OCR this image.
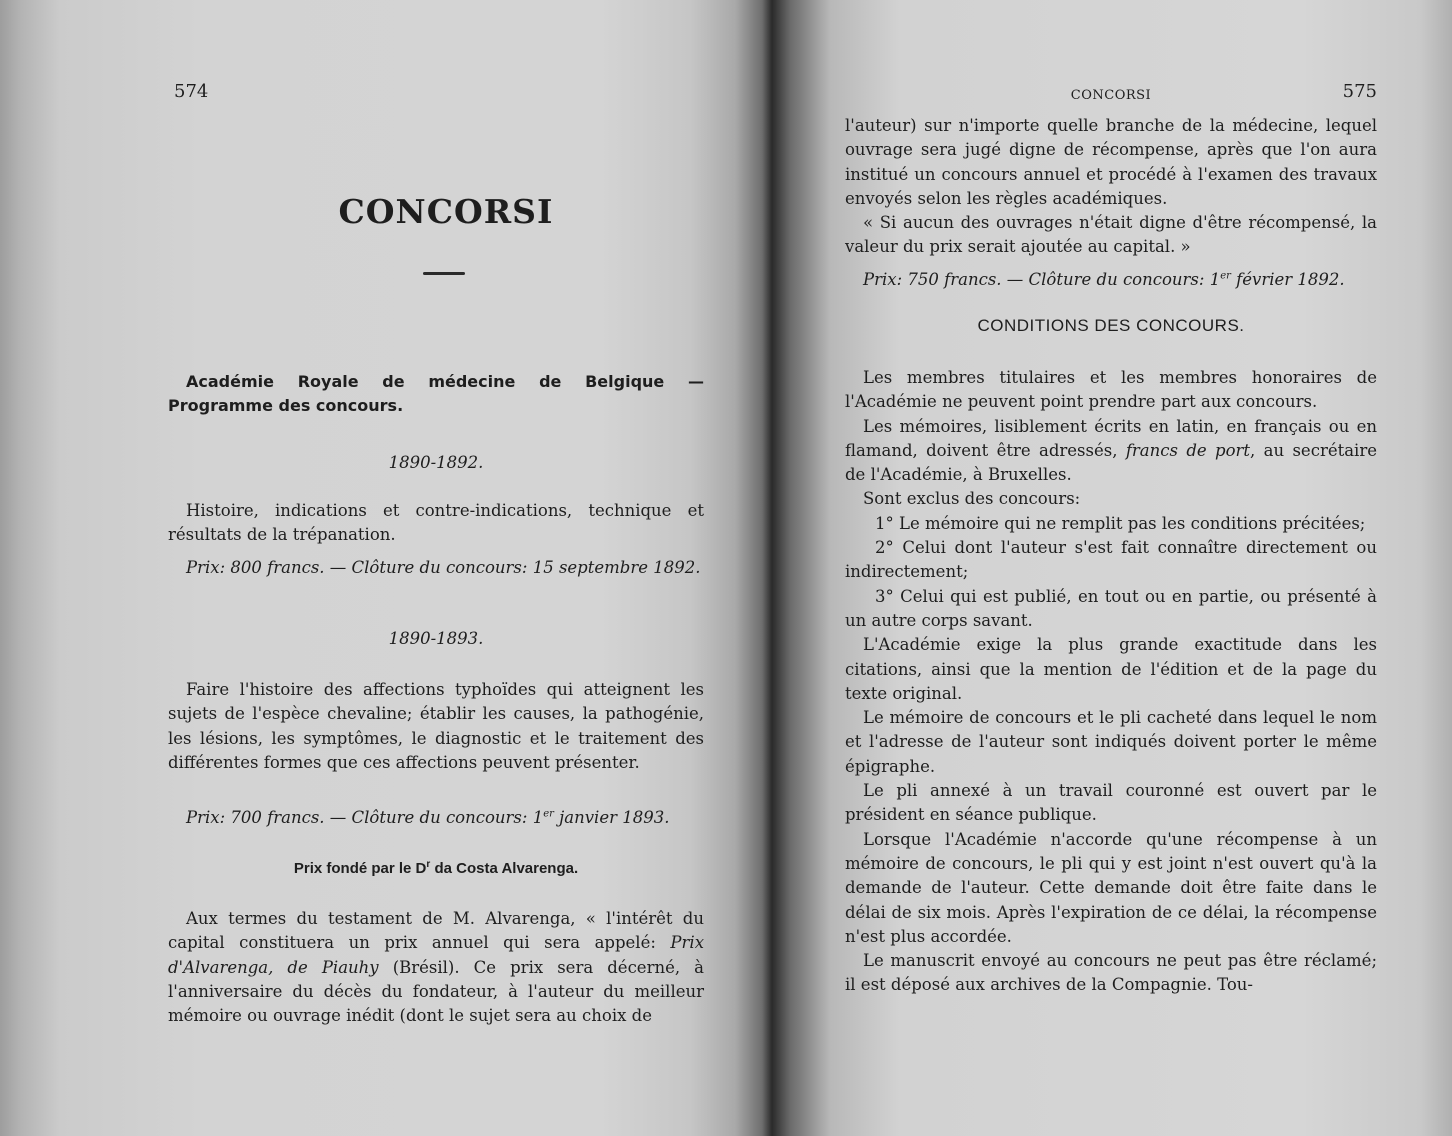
574
CONCORSI

Académie Royale de médecine de Belgique — Programme des concours.

1890-1892.

Histoire, indications et contre-indications, technique et résultats de la trépanation.

Prix: 800 francs. — Clôture du concours: 15 septembre 1892.

1890-1893.

Faire l'histoire des affections typhoïdes qui atteignent les sujets de l'espèce chevaline; établir les causes, la pathogénie, les lésions, les symptômes, le diagnostic et le traitement des différentes formes que ces affections peuvent présenter.

Prix: 700 francs. — Clôture du concours: 1er janvier 1893.

Prix fondé par le $D^r$ da Costa Alvarenga.

Aux termes du testament de M. Alvarenga, « l'intérêt du capital constituera un prix annuel qui sera appelé: Prix d'Alvarenga, de Piauhy (Brésil). Ce prix sera décerné, à l'anniversaire du décès du fondateur, à l'auteur du meilleur mémoire ou ouvrage inédit (dont le sujet sera au choix de

CONCORSI	575

l'auteur) sur n'importe quelle branche de la médecine, lequel ouvrage sera jugé digne de récompense, après que l'on aura institué un concours annuel et procédé à l'examen des travaux envoyés selon les règles académiques.

« Si aucun des ouvrages n'était digne d'être récompensé, la valeur du prix serait ajoutée au capital. »

Prix: 750 francs. — Clôture du concours: 1er février 1892.

CONDITIONS DES CONCOURS.

Les membres titulaires et les membres honoraires de l'Académie ne peuvent point prendre part aux concours.

Les mémoires, lisiblement écrits en latin, en français ou en flamand, doivent être adressés, francs de port, au secrétaire de l'Académie, à Bruxelles.

Sont exclus des concours:

1° Le mémoire qui ne remplit pas les conditions précitées;

2° Celui dont l'auteur s'est fait connaître directement ou indirectement;

3° Celui qui est publié, en tout ou en partie, ou présenté à un autre corps savant.

L'Académie exige la plus grande exactitude dans les citations, ainsi que la mention de l'édition et de la page du texte original.

Le mémoire de concours et le pli cacheté dans lequel le nom et l'adresse de l'auteur sont indiqués doivent porter le même épigraphe.

Le pli annexé à un travail couronné est ouvert par le président en séance publique.

Lorsque l'Académie n'accorde qu'une récompense à un mémoire de concours, le pli qui y est joint n'est ouvert qu'à la demande de l'auteur. Cette demande doit être faite dans le délai de six mois. Après l'expiration de ce délai, la récompense n'est plus accordée.

Le manuscrit envoyé au concours ne peut pas être réclamé; il est déposé aux archives de la Compagnie. Tou-
